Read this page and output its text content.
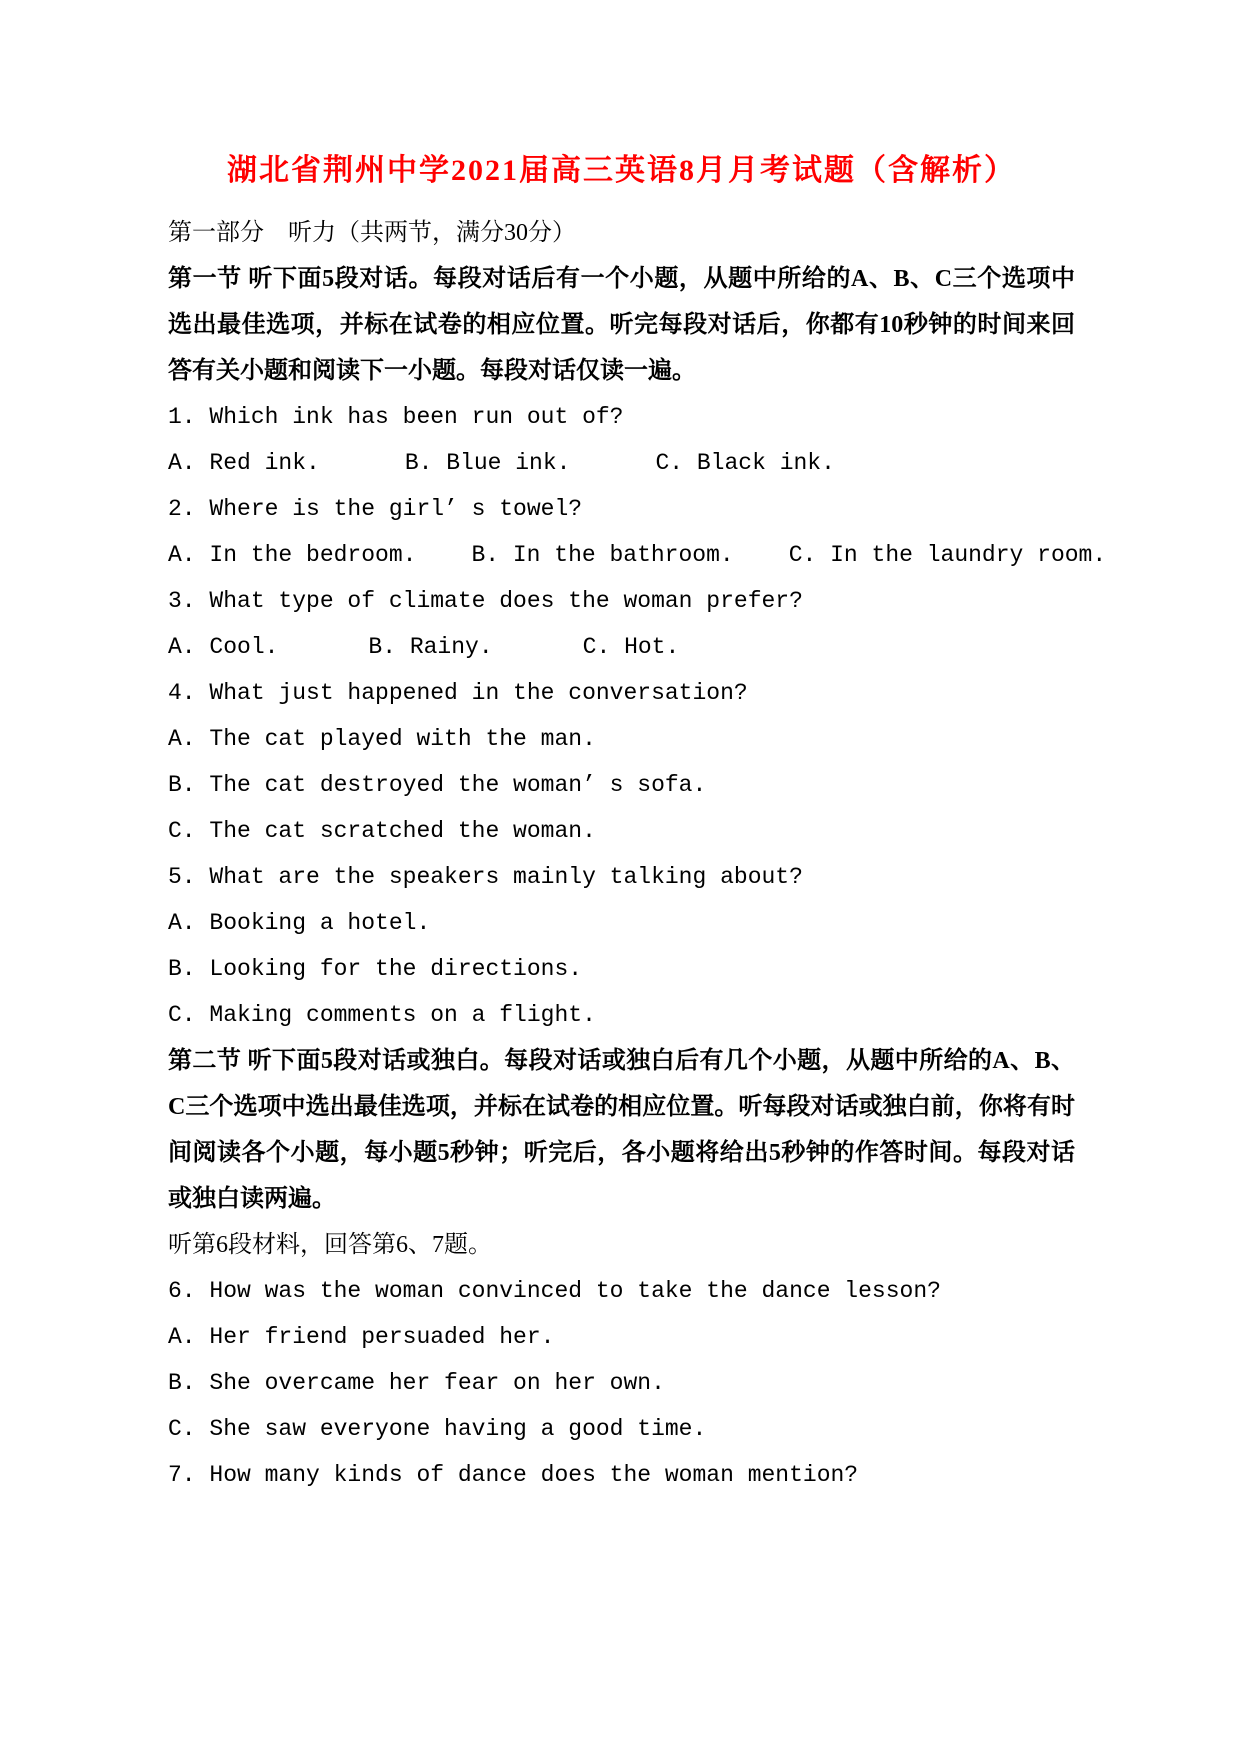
湖北省荆州中学2021届高三英语8月月考试题（含解析）
第一部分　听力（共两节，满分30分）

第一节 听下面5段对话。每段对话后有一个小题，从题中所给的A、B、C三个选项中选出最佳选项，并标在试卷的相应位置。听完每段对话后，你都有10秒钟的时间来回答有关小题和阅读下一小题。每段对话仅读一遍。

1. Which ink has been run out of?
A. Red ink.	B. Blue ink.	C. Black ink.
2. Where is the girl’ s towel?
A. In the bedroom. B. In the bathroom. C. In the laundry room.
3. What type of climate does the woman prefer?
A. Cool.	B. Rainy.	C. Hot.
4. What just happened in the conversation?
A. The cat played with the man.
B. The cat destroyed the woman’ s sofa.
C. The cat scratched the woman.
5. What are the speakers mainly talking about?
A. Booking a hotel.
B. Looking for the directions.
C. Making comments on a flight.

第二节 听下面5段对话或独白。每段对话或独白后有几个小题，从题中所给的A、B、C三个选项中选出最佳选项，并标在试卷的相应位置。听每段对话或独白前，你将有时间阅读各个小题，每小题5秒钟；听完后，各小题将给出5秒钟的作答时间。每段对话或独白读两遍。

听第6段材料，回答第6、7题。
6. How was the woman convinced to take the dance lesson?
A. Her friend persuaded her.
B. She overcame her fear on her own.
C. She saw everyone having a good time.
7. How many kinds of dance does the woman mention?
